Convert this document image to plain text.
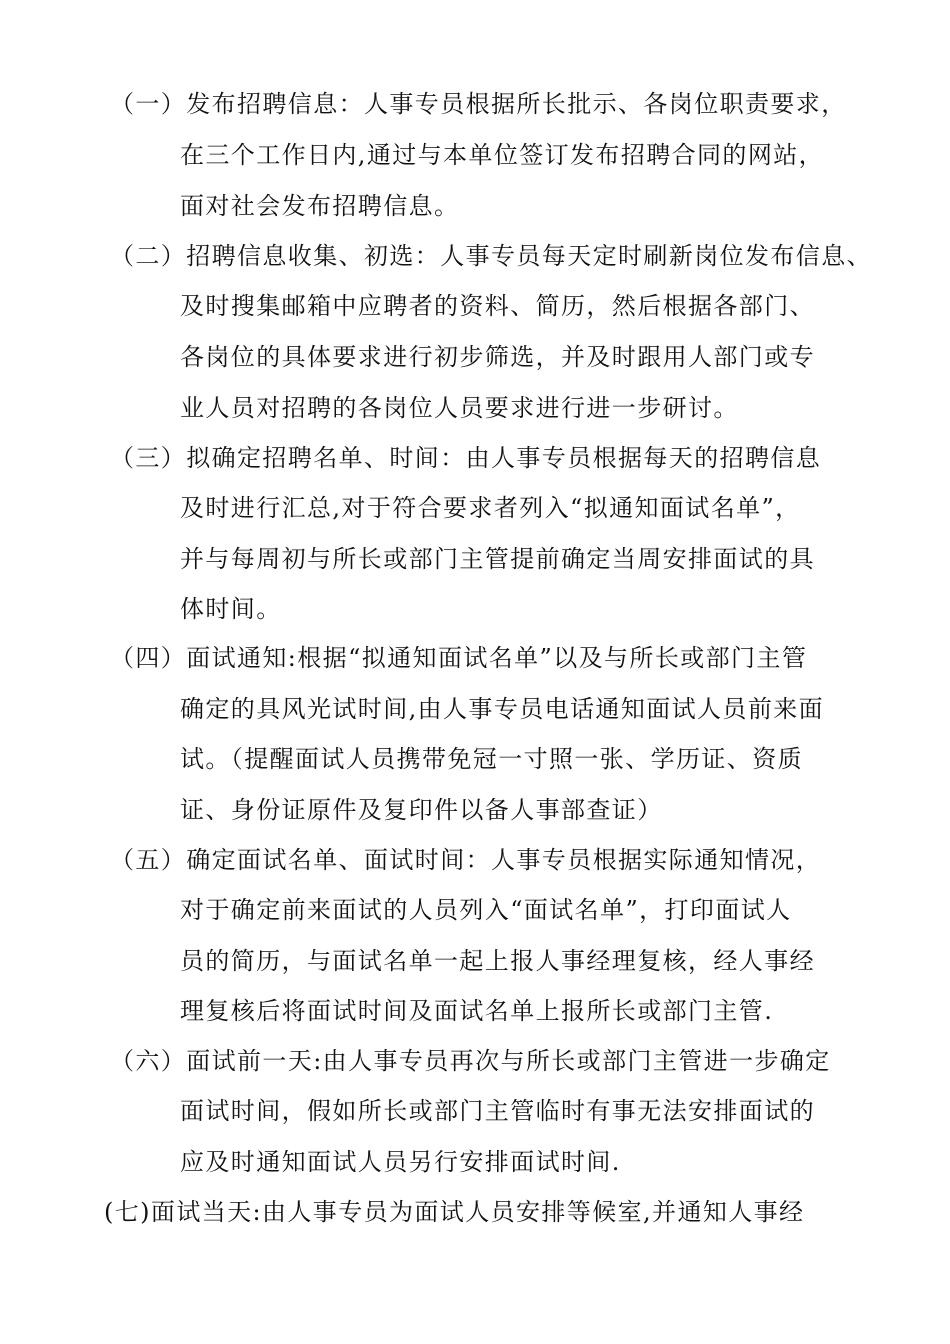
（一）发布招聘信息：人事专员根据所长批示、各岗位职责要求，
在三个工作日内,通过与本单位签订发布招聘合同的网站，
面对社会发布招聘信息。
（二）招聘信息收集、初选：人事专员每天定时刷新岗位发布信息、
及时搜集邮箱中应聘者的资料、简历，然后根据各部门、
各岗位的具体要求进行初步筛选，并及时跟用人部门或专
业人员对招聘的各岗位人员要求进行进一步研讨。
（三）拟确定招聘名单、时间：由人事专员根据每天的招聘信息
及时进行汇总,对于符合要求者列入“拟通知面试名单”，
并与每周初与所长或部门主管提前确定当周安排面试的具
体时间。
（四）面试通知:根据“拟通知面试名单”以及与所长或部门主管
确定的具风光试时间,由人事专员电话通知面试人员前来面
试。（提醒面试人员携带免冠一寸照一张、学历证、资质
证、身份证原件及复印件以备人事部查证）
（五）确定面试名单、面试时间：人事专员根据实际通知情况，
对于确定前来面试的人员列入“面试名单”，打印面试人
员的简历，与面试名单一起上报人事经理复核，经人事经
理复核后将面试时间及面试名单上报所长或部门主管.
（六）面试前一天:由人事专员再次与所长或部门主管进一步确定
面试时间，假如所长或部门主管临时有事无法安排面试的
应及时通知面试人员另行安排面试时间.
(七)面试当天:由人事专员为面试人员安排等候室,并通知人事经
